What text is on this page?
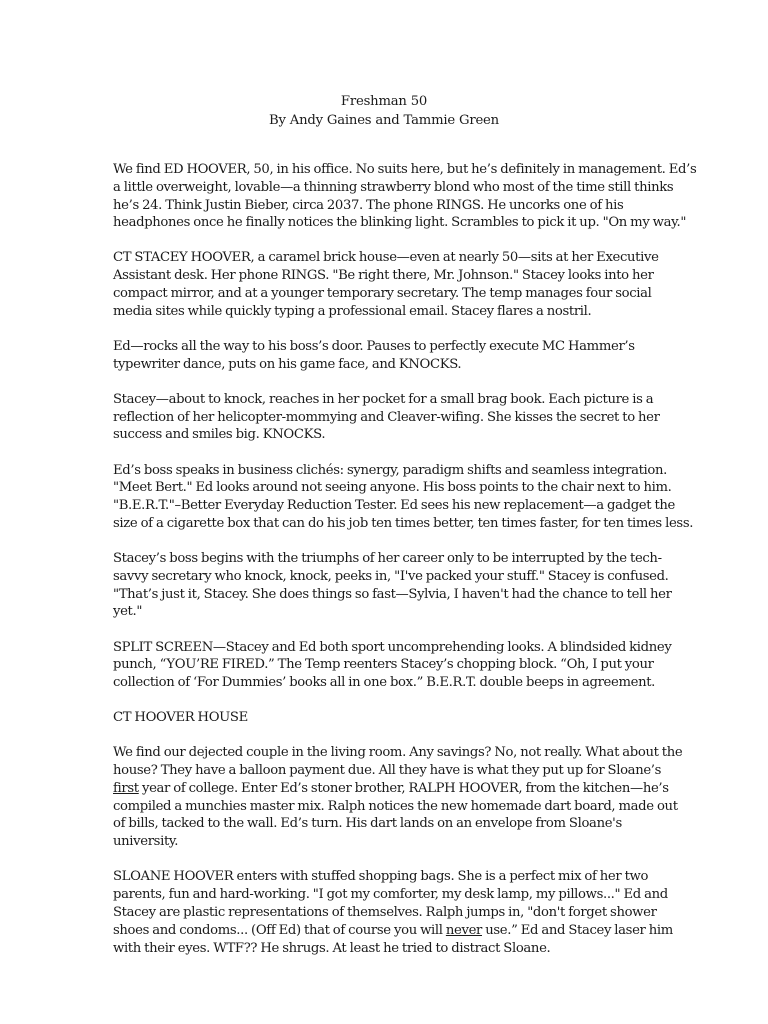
Freshman 50
By Andy Gaines and Tammie Green
We find ED HOOVER, 50, in his office. No suits here, but he’s definitely in management. Ed’s
a little overweight, lovable—a thinning strawberry blond who most of the time still thinks
he’s 24. Think Justin Bieber, circa 2037. The phone RINGS. He uncorks one of his
headphones once he finally notices the blinking light. Scrambles to pick it up. "On my way."
CT STACEY HOOVER, a caramel brick house—even at nearly 50—sits at her Executive
Assistant desk. Her phone RINGS. "Be right there, Mr. Johnson." Stacey looks into her
compact mirror, and at a younger temporary secretary. The temp manages four social
media sites while quickly typing a professional email. Stacey flares a nostril.
Ed—rocks all the way to his boss’s door. Pauses to perfectly execute MC Hammer’s
typewriter dance, puts on his game face, and KNOCKS.
Stacey—about to knock, reaches in her pocket for a small brag book. Each picture is a
reflection of her helicopter-mommying and Cleaver-wifing. She kisses the secret to her
success and smiles big. KNOCKS.
Ed’s boss speaks in business clichés: synergy, paradigm shifts and seamless integration.
"Meet Bert." Ed looks around not seeing anyone. His boss points to the chair next to him.
"B.E.R.T."–Better Everyday Reduction Tester. Ed sees his new replacement—a gadget the
size of a cigarette box that can do his job ten times better, ten times faster, for ten times less.
Stacey’s boss begins with the triumphs of her career only to be interrupted by the tech-
savvy secretary who knock, knock, peeks in, "I've packed your stuff." Stacey is confused.
"That’s just it, Stacey. She does things so fast—Sylvia, I haven't had the chance to tell her
yet."
SPLIT SCREEN—Stacey and Ed both sport uncomprehending looks. A blindsided kidney
punch, “YOU’RE FIRED.” The Temp reenters Stacey’s chopping block. “Oh, I put your
collection of ‘For Dummies’ books all in one box.” B.E.R.T. double beeps in agreement.
CT HOOVER HOUSE
We find our dejected couple in the living room. Any savings? No, not really. What about the
house? They have a balloon payment due. All they have is what they put up for Sloane’s
first year of college. Enter Ed’s stoner brother, RALPH HOOVER, from the kitchen—he’s
compiled a munchies master mix. Ralph notices the new homemade dart board, made out
of bills, tacked to the wall. Ed’s turn. His dart lands on an envelope from Sloane's
university.
SLOANE HOOVER enters with stuffed shopping bags. She is a perfect mix of her two
parents, fun and hard-working. "I got my comforter, my desk lamp, my pillows..." Ed and
Stacey are plastic representations of themselves. Ralph jumps in, "don't forget shower
shoes and condoms... (Off Ed) that of course you will never use.” Ed and Stacey laser him
with their eyes. WTF?? He shrugs. At least he tried to distract Sloane.
